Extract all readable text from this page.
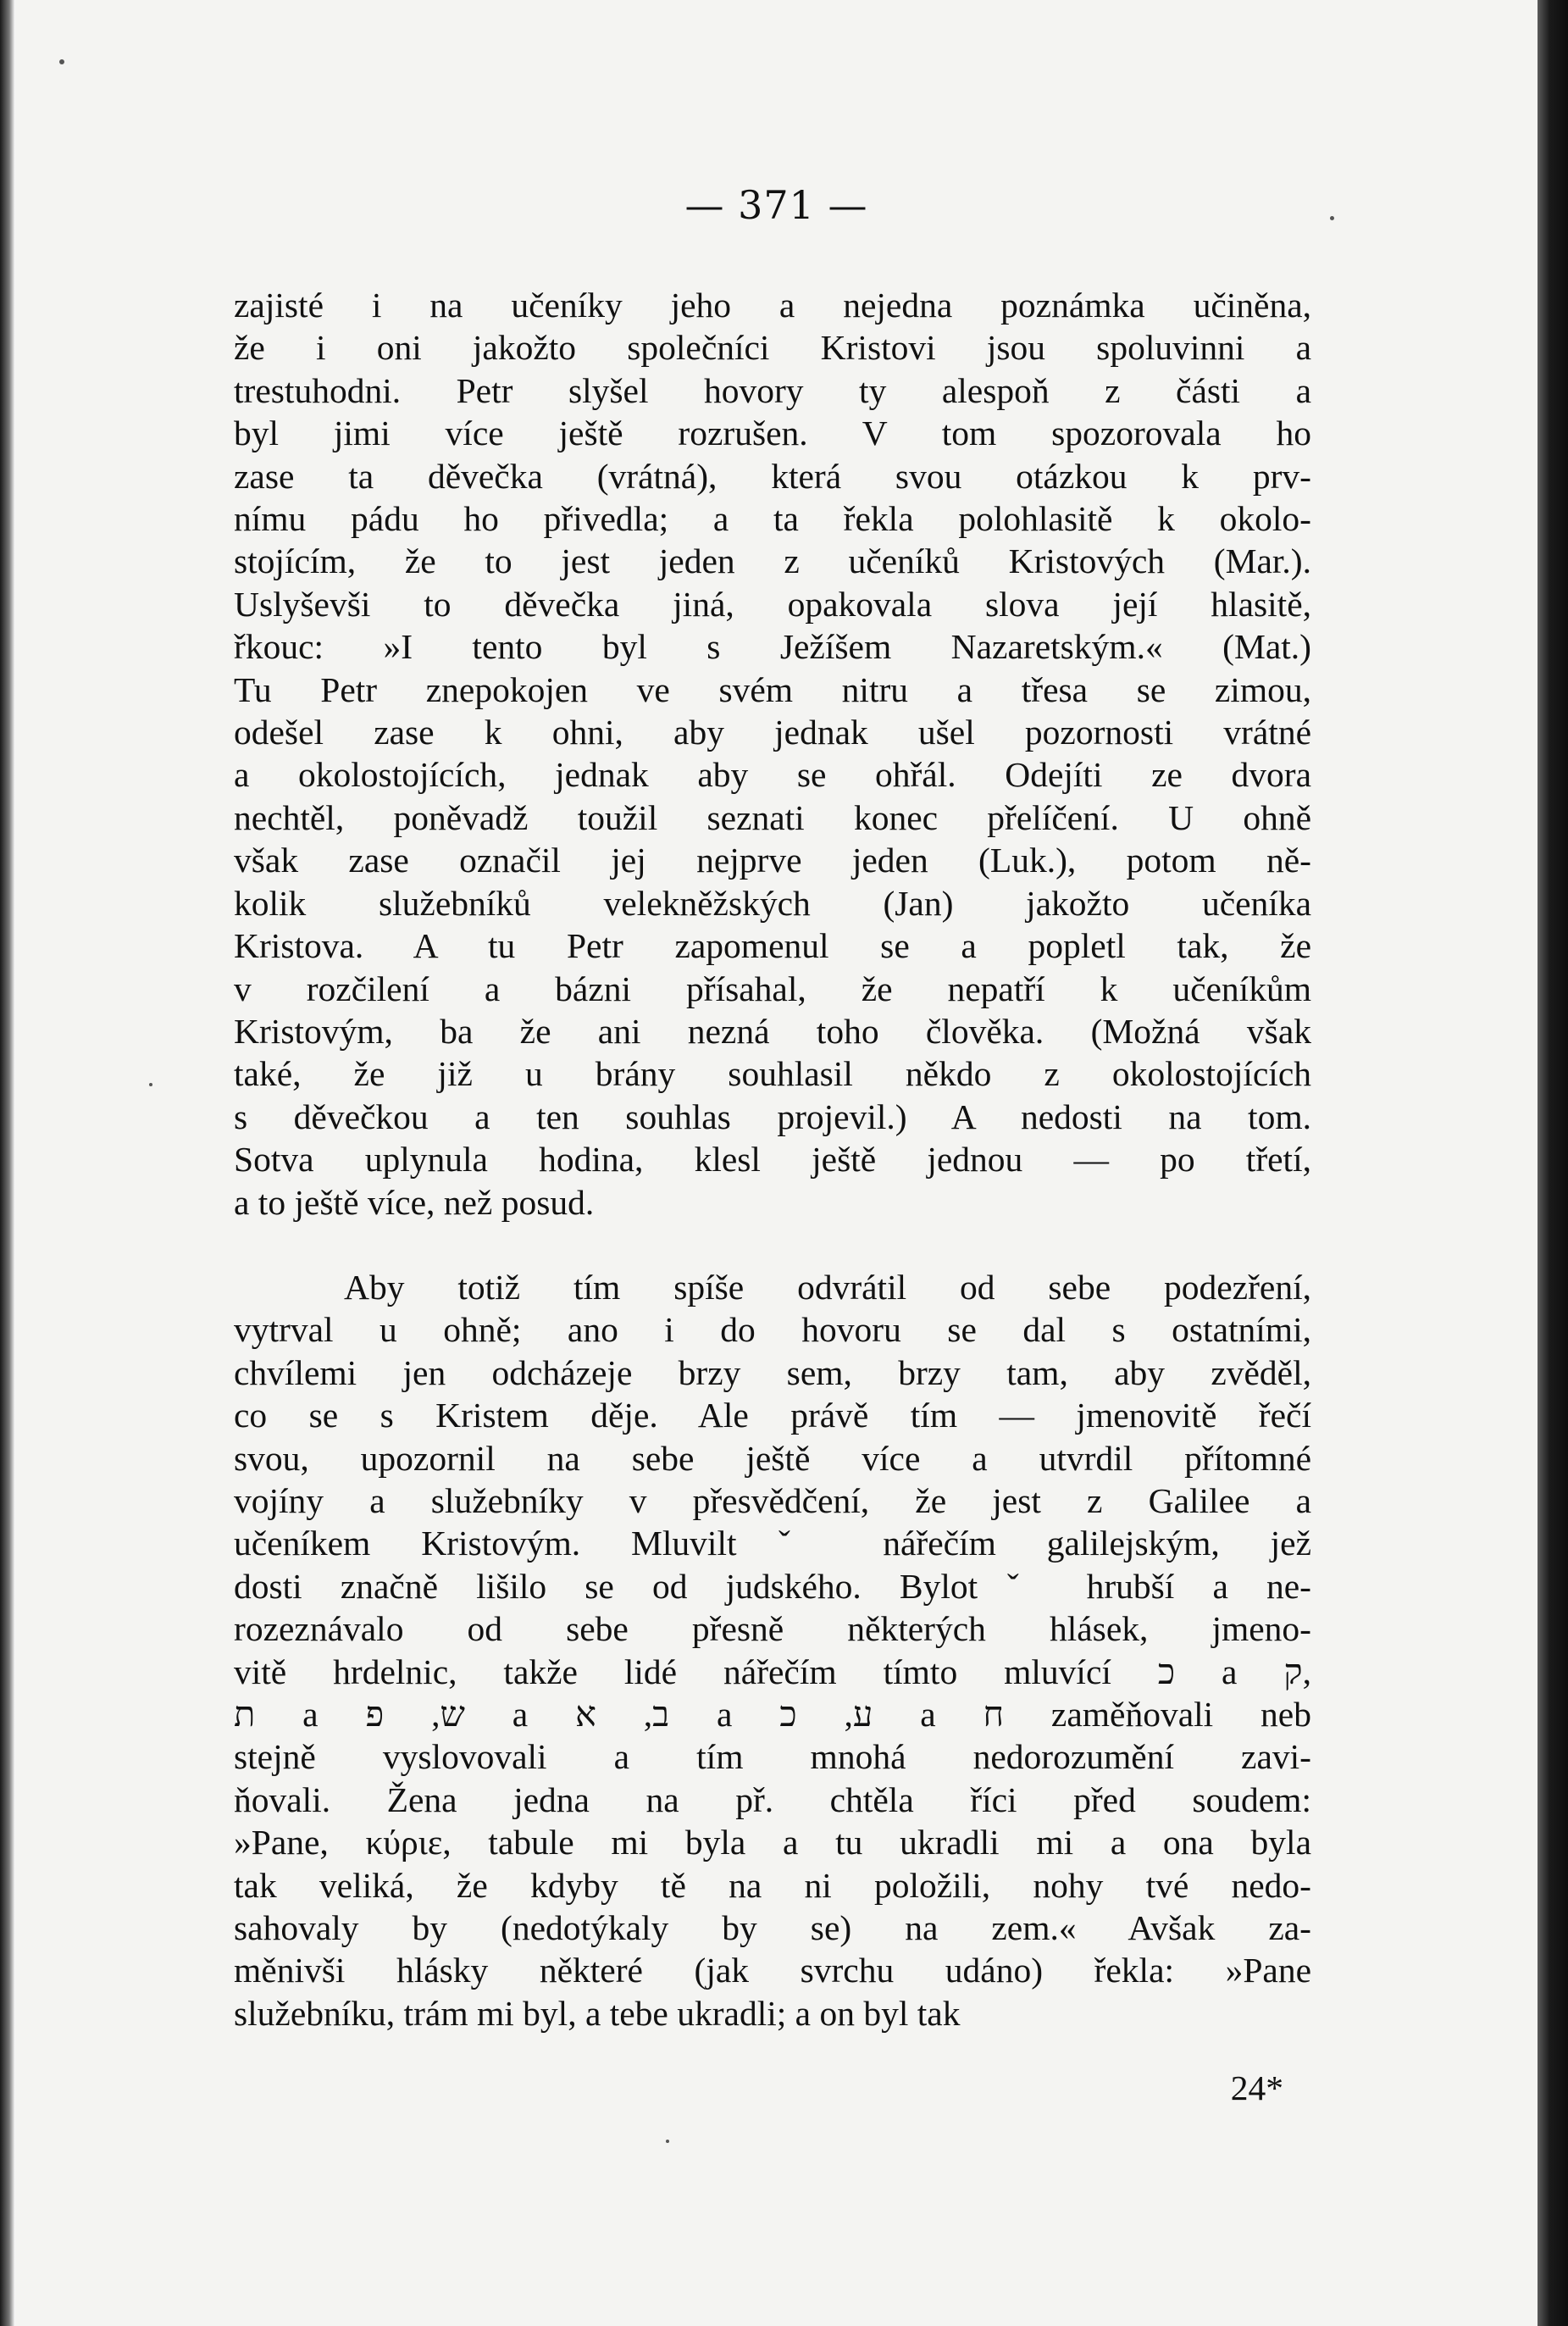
— 371 —
zajisté i na učeníky jeho a nejedna poznámka učiněna,
že i oni jakožto společníci Kristovi jsou spoluvinni a
trestuhodni. Petr slyšel hovory ty alespoň z části a
byl jimi více ještě rozrušen. V tom spozorovala ho
zase ta děvečka (vrátná), která svou otázkou k prv-
nímu pádu ho přivedla; a ta řekla polohlasitě k okolo-
stojícím, že to jest jeden z učeníků Kristových (Mar.).
Uslyševši to děvečka jiná, opakovala slova její hlasitě,
řkouc: »I tento byl s Ježíšem Nazaretským.« (Mat.)
Tu Petr znepokojen ve svém nitru a třesa se zimou,
odešel zase k ohni, aby jednak ušel pozornosti vrátné
a okolostojících, jednak aby se ohřál. Odejíti ze dvora
nechtěl, poněvadž toužil seznati konec přelíčení. U ohně
však zase označil jej nejprve jeden (Luk.), potom ně-
kolik služebníků velekněžských (Jan) jakožto učeníka
Kristova. A tu Petr zapomenul se a popletl tak, že
v rozčilení a bázni přísahal, že nepatří k učeníkům
Kristovým, ba že ani nezná toho člověka. (Možná však
také, že již u brány souhlasil někdo z okolostojících
s děvečkou a ten souhlas projevil.) A nedosti na tom.
Sotva uplynula hodina, klesl ještě jednou — po třetí,
a to ještě více, než posud.
Aby totiž tím spíše odvrátil od sebe podezření,
vytrval u ohně; ano i do hovoru se dal s ostatními,
chvílemi jen odcházeje brzy sem, brzy tam, aby zvěděl,
co se s Kristem děje. Ale právě tím — jmenovitě řečí
svou, upozornil na sebe ještě více a utvrdil přítomné
vojíny a služebníky v přesvědčení, že jest z Galilee a
učeníkem Kristovým. Mluviltˇ nářečím galilejským, jež
dosti značně lišilo se od judského. Bylotˇ hrubší a ne-
rozeznávalo od sebe přesně některých hlásek, jmeno-
vitě hrdelnic, takže lidé nářečím tímto mluvící כ a ק,
ת a ש, פ a ב, א a ע, כ a ח zaměňovali neb
stejně vyslovovali a tím mnohá nedorozumění zavi-
ňovali. Žena jedna na př. chtěla říci před soudem:
»Pane, κύριε, tabule mi byla a tu ukradli mi a ona byla
tak veliká, že kdyby tě na ni položili, nohy tvé nedo-
sahovaly by (nedotýkaly by se) na zem.« Avšak za-
měnivši hlásky některé (jak svrchu udáno) řekla: »Pane
služebníku, trám mi byl, a tebe ukradli; a on byl tak
24*
